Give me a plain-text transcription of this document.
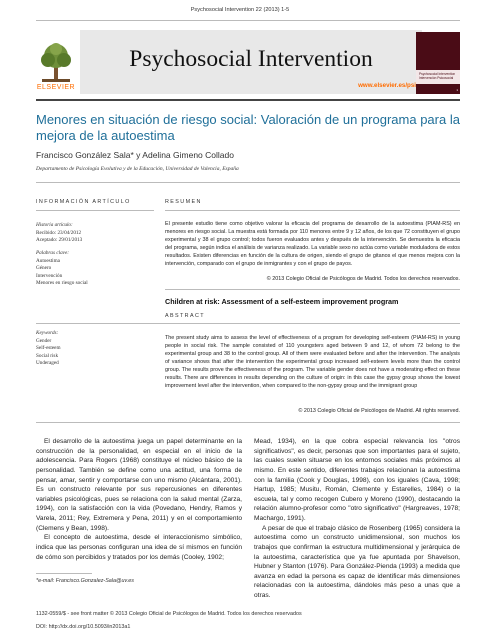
Psychosocial Intervention 22 (2013) 1-5
ELSEVIER
Psychosocial Intervention
www.elsevier.es/psi
Psychosocial Intervention
Intervención Psicosocial
1
Menores en situación de riesgo social: Valoración de un programa para la mejora de la autoestima
Francisco González Sala* y Adelina Gimeno Collado
Departamento de Psicología Evolutiva y de la Educación, Universidad de Valencia, España
INFORMACIÓN ARTÍCULO
Historia artículo:
Recibido: 23/04/2012
Aceptado: 29/01/2013
Palabras clave:
Autoestima
Género
Intervención
Menores en riesgo social
RESUMEN
El presente estudio tiene como objetivo valorar la eficacia del programa de desarrollo de la autoestima (PIAM-RS) en menores en riesgo social. La muestra está formada por 110 menores entre 9 y 12 años, de los que 72 constituyen el grupo experimental y 38 el grupo control; todos fueron evaluados antes y después de la intervención. Se demuestra la eficacia del programa, según indica el análisis de varianza realizado. La variable sexo no actúa como variable moduladora de estos resultados. Existen diferencias en función de la cultura de origen, siendo el grupo de gitanos el que menos mejora con la intervención, comparado con el grupo de inmigrantes y con el grupo de payos.
© 2013 Colegio Oficial de Psicólogos de Madrid. Todos los derechos reservados.
Children at risk: Assessment of a self-esteem improvement program
ABSTRACT
Keywords:
Gender
Self-esteem
Social risk
Underaged
The present study aims to assess the level of effectiveness of a program for developing self-esteem (PIAM-RS) in young people in social risk. The sample consisted of 110 youngsters aged between 9 and 12, of whom 72 belong to the experimental group and 38 to the control group. All of them were evaluated before and after the intervention. The analysis of variance shows that after the intervention the experimental group increased self-esteem levels more than the control group. The results prove the effectiveness of the program. The variable gender does not have a moderating effect on these results. There are differences in results depending on the culture of origin: in this case the gypsy group shows the lowest improvement level after the intervention, when compared to the non-gypsy group and the immigrant group
© 2013 Colegio Oficial de Psicólogos de Madrid. All rights reserved.

El desarrollo de la autoestima juega un papel determinante en la construcción de la personalidad, en especial en el inicio de la adolescencia. Para Rogers (1968) constituye el núcleo básico de la personalidad. También se define como una actitud, una forma de pensar, amar, sentir y comportarse con uno mismo (Alcántara, 2001). Es un constructo relevante por sus repercusiones en diferentes variables psicológicas, pues se relaciona con la salud mental (Zarza, 1994), con la satisfacción con la vida (Povedano, Hendry, Ramos y Varela, 2011; Rey, Extremera y Pena, 2011) y en el comportamiento (Clemens y Bean, 1998).

El concepto de autoestima, desde el interaccionismo simbólico, indica que las personas configuran una idea de sí mismos en función de cómo son percibidos y tratados por los demás (Cooley, 1902;

Mead, 1934), en la que cobra especial relevancia los "otros significativos", es decir, personas que son importantes para el sujeto, las cuales suelen situarse en los entornos sociales más próximos al mismo. En este sentido, diferentes trabajos relacionan la autoestima con la familia (Cook y Douglas, 1998), con los iguales (Cava, 1998; Hartup, 1985; Musitu, Román, Clemente y Estarelles, 1984) o la escuela, tal y como recogen Cubero y Moreno (1990), destacando la relación alumno-profesor como "otro significativo" (Hargreaves, 1978; Machargo, 1991).

A pesar de que el trabajo clásico de Rosenberg (1965) considera la autoestima como un constructo unidimensional, son muchos los trabajos que confirman la estructura multidimensional y jerárquica de la autoestima, característica que ya fue apuntada por Shavelson, Hubner y Stanton (1976). Para González-Pienda (1993) a medida que avanza en edad la persona es capaz de identificar más dimensiones relacionadas con la autoestima, dándoles más peso a unas que a otras.

*e-mail: Francisco.Gonzalez-Sala@uv.es
1132-0559/$ - see front matter © 2013 Colegio Oficial de Psicólogos de Madrid. Todos los derechos reservados
DOI: http://dx.doi.org/10.5093/in2013a1
